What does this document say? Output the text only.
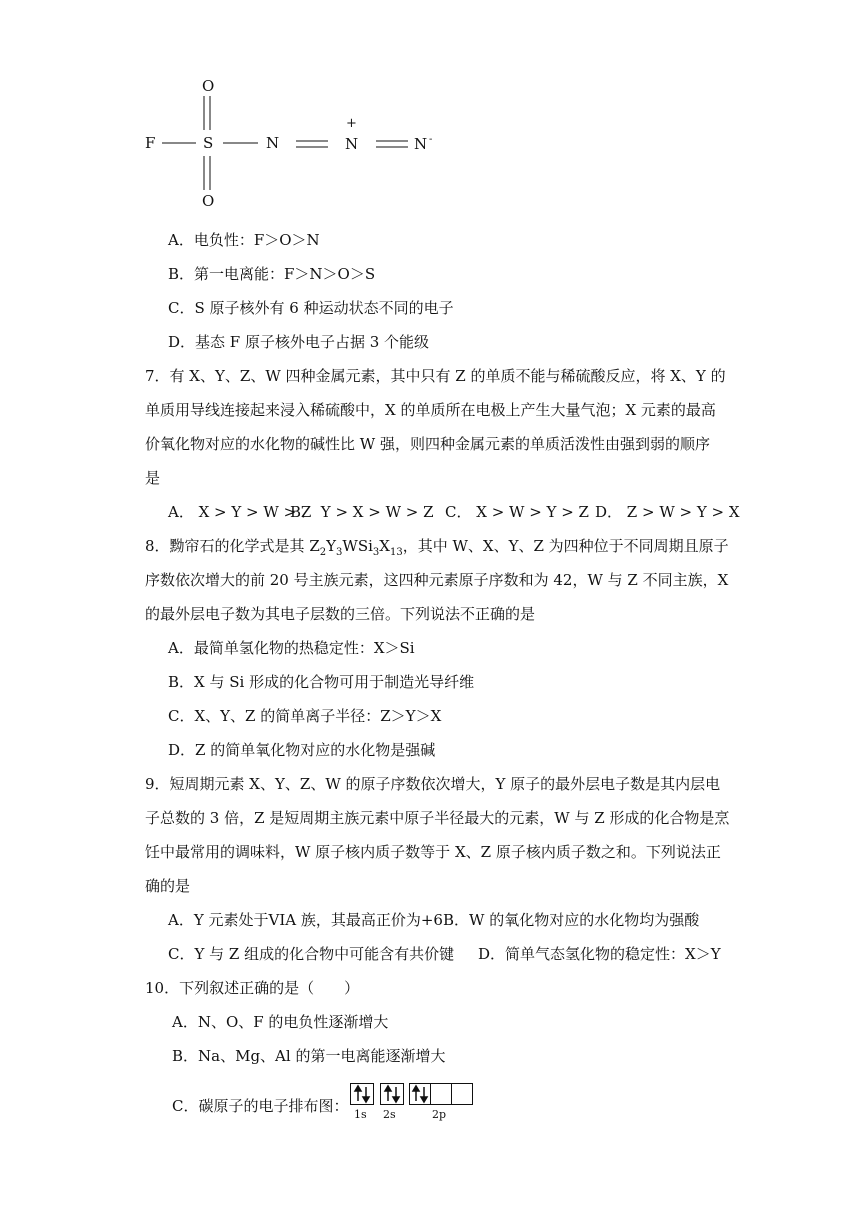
O
F	S	N
+
N	N -
O
A．电负性：F＞O＞N
B．第一电离能：F＞N＞O＞S
C．S 原子核外有 6 种运动状态不同的电子
D．基态 F 原子核外电子占据 3 个能级
7．有 X、Y、Z、W 四种金属元素，其中只有 Z 的单质不能与稀硫酸反应，将 X、Y 的
单质用导线连接起来浸入稀硫酸中，X 的单质所在电极上产生大量气泡；X 元素的最高
价氧化物对应的水化物的碱性比 W 强，则四种金属元素的单质活泼性由强到弱的顺序
是
A． X > Y > W > Z
B． Y > X > W > Z C． X > W > Y > Z D． Z > W > Y > X
8．黝帘石的化学式是其 $Z_2Y_3WSi_3X_{13}$，其中 W、X、Y、Z 为四种位于不同周期且原子
序数依次增大的前 20 号主族元素，这四种元素原子序数和为 42，W 与 Z 不同主族，X
的最外层电子数为其电子层数的三倍。下列说法不正确的是
A．最简单氢化物的热稳定性：X＞Si
B．X 与 Si 形成的化合物可用于制造光导纤维
C．X、Y、Z 的简单离子半径：Z＞Y＞X
D．Z 的简单氧化物对应的水化物是强碱
9．短周期元素 X、Y、Z、W 的原子序数依次增大，Y 原子的最外层电子数是其内层电
子总数的 3 倍，Z 是短周期主族元素中原子半径最大的元素，W 与 Z 形成的化合物是烹
饪中最常用的调味料，W 原子核内质子数等于 X、Z 原子核内质子数之和。下列说法正
确的是
A．Y 元素处于VIA 族，其最高正价为+6 B．W 的氧化物对应的水化物均为强酸
C．Y 与 Z 组成的化合物中可能含有共价键 D．简单气态氢化物的稳定性：X＞Y
10．下列叙述正确的是（　　）
A．N、O、F 的电负性逐渐增大
B．Na、Mg、Al 的第一电离能逐渐增大
C．碳原子的电子排布图： 1s 2s	2p
